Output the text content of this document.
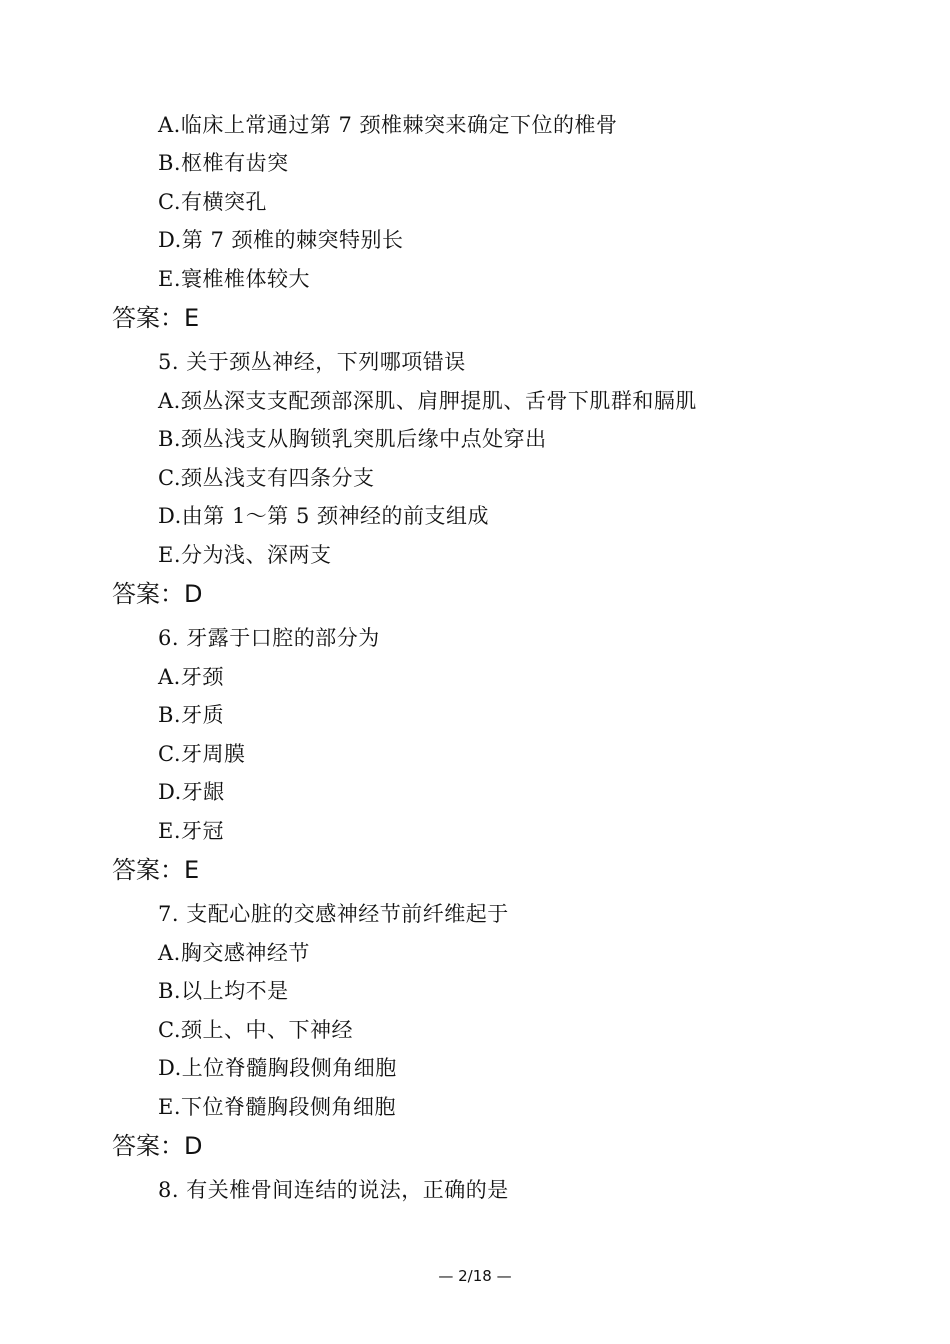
A.临床上常通过第 7 颈椎棘突来确定下位的椎骨
B.枢椎有齿突
C.有横突孔
D.第 7 颈椎的棘突特别长
E.寰椎椎体较大
答案：E
5. 关于颈丛神经，下列哪项错误
A.颈丛深支支配颈部深肌、肩胛提肌、舌骨下肌群和膈肌
B.颈丛浅支从胸锁乳突肌后缘中点处穿出
C.颈丛浅支有四条分支
D.由第 1～第 5 颈神经的前支组成
E.分为浅、深两支
答案：D
6. 牙露于口腔的部分为
A.牙颈
B.牙质
C.牙周膜
D.牙龈
E.牙冠
答案：E
7. 支配心脏的交感神经节前纤维起于
A.胸交感神经节
B.以上均不是
C.颈上、中、下神经
D.上位脊髓胸段侧角细胞
E.下位脊髓胸段侧角细胞
答案：D
8. 有关椎骨间连结的说法，正确的是
— 2/18 —
